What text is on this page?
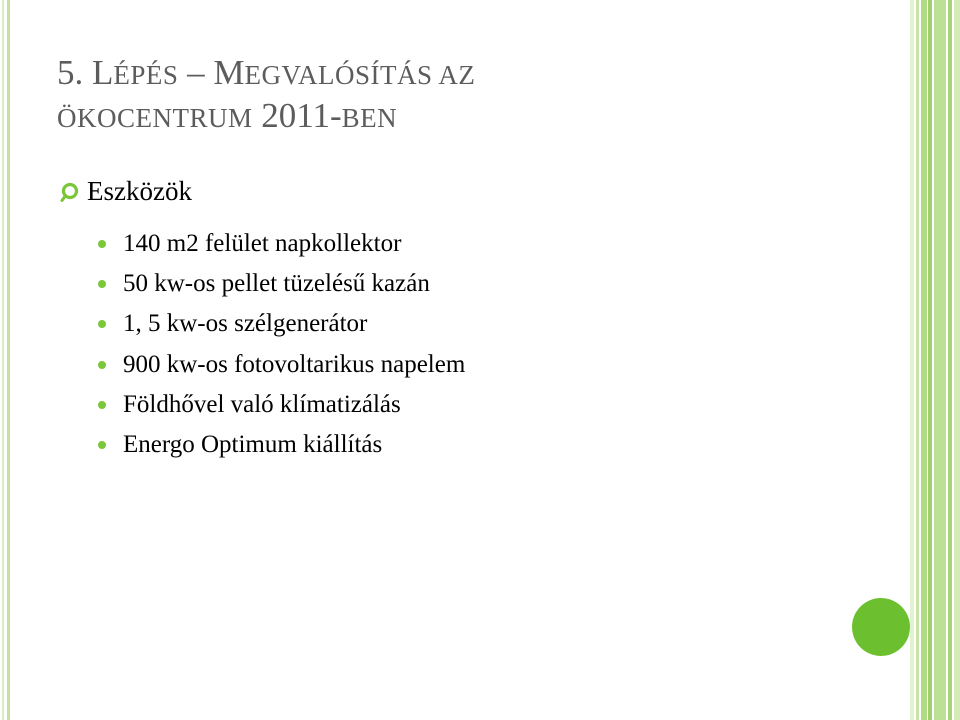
5. LÉPÉS – MEGVALÓSÍTÁS AZ
ÖKOCENTRUM 2011-BEN
Eszközök
140 m2 felület napkollektor
50 kw-os pellet tüzelésű kazán
1, 5 kw-os szélgenerátor
900 kw-os fotovoltarikus napelem
Földhővel való klímatizálás
Energo Optimum kiállítás
